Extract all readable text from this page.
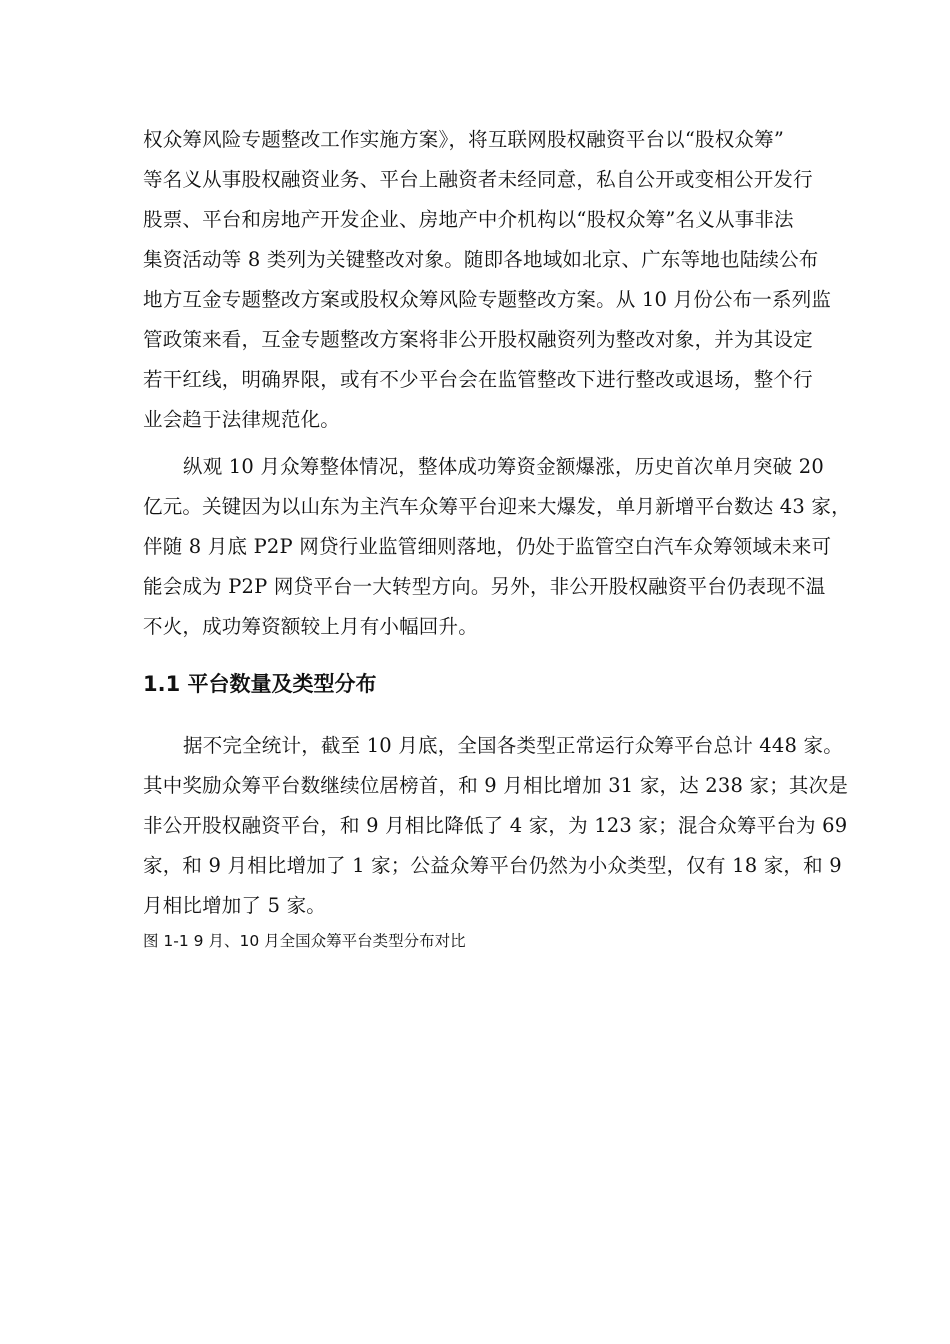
权众筹风险专题整改工作实施方案》，将互联网股权融资平台以“股权众筹”
等名义从事股权融资业务、平台上融资者未经同意，私自公开或变相公开发行
股票、平台和房地产开发企业、房地产中介机构以“股权众筹”名义从事非法
集资活动等 8 类列为关键整改对象。随即各地域如北京、广东等地也陆续公布
地方互金专题整改方案或股权众筹风险专题整改方案。从 10 月份公布一系列监
管政策来看，互金专题整改方案将非公开股权融资列为整改对象，并为其设定
若干红线，明确界限，或有不少平台会在监管整改下进行整改或退场，整个行
业会趋于法律规范化。
纵观 10 月众筹整体情况，整体成功筹资金额爆涨，历史首次单月突破 20
亿元。关键因为以山东为主汽车众筹平台迎来大爆发，单月新增平台数达 43 家，
伴随 8 月底 P2P 网贷行业监管细则落地，仍处于监管空白汽车众筹领域未来可
能会成为 P2P 网贷平台一大转型方向。另外，非公开股权融资平台仍表现不温
不火，成功筹资额较上月有小幅回升。
1.1 平台数量及类型分布
据不完全统计，截至 10 月底，全国各类型正常运行众筹平台总计 448 家。
其中奖励众筹平台数继续位居榜首，和 9 月相比增加 31 家，达 238 家；其次是
非公开股权融资平台，和 9 月相比降低了 4 家，为 123 家；混合众筹平台为 69
家，和 9 月相比增加了 1 家；公益众筹平台仍然为小众类型，仅有 18 家，和 9
月相比增加了 5 家。

图 1-1 9 月、10 月全国众筹平台类型分布对比
